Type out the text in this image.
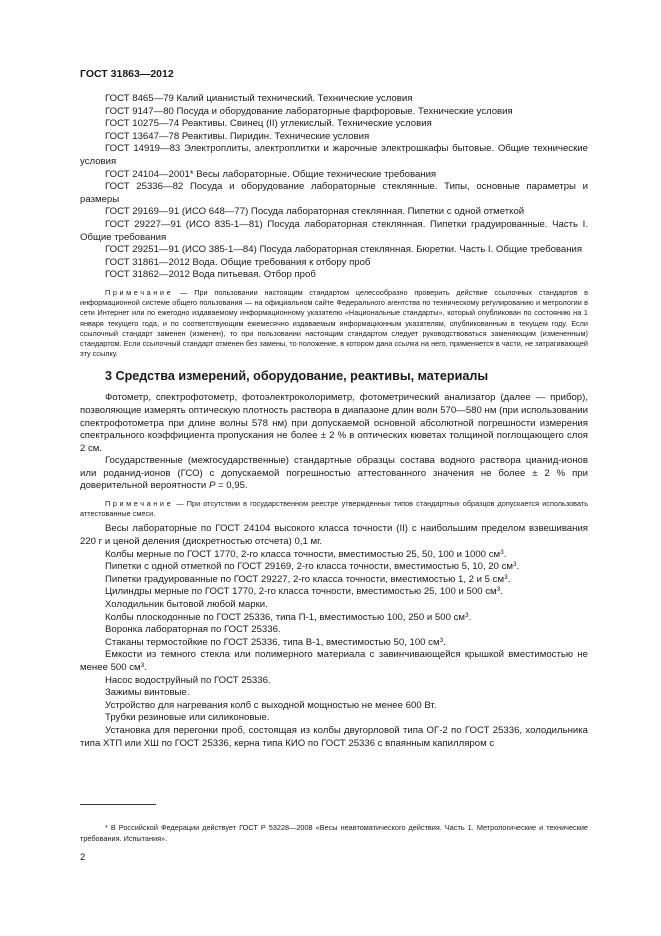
ГОСТ 31863—2012

ГОСТ 8465—79 Калий цианистый технический. Технические условия

ГОСТ 9147—80 Посуда и оборудование лабораторные фарфоровые. Технические условия

ГОСТ 10275—74 Реактивы. Свинец (II) углекислый. Технические условия

ГОСТ 13647—78 Реактивы. Пиридин. Технические условия

ГОСТ 14919—83 Электроплиты, электроплитки и жарочные электрошкафы бытовые. Общие технические условия

ГОСТ 24104—2001* Весы лабораторные. Общие технические требования

ГОСТ 25336—82 Посуда и оборудование лабораторные стеклянные. Типы, основные параметры и размеры

ГОСТ 29169—91 (ИСО 648—77) Посуда лабораторная стеклянная. Пипетки с одной отметкой

ГОСТ 29227—91 (ИСО 835-1—81) Посуда лабораторная стеклянная. Пипетки градуированные. Часть I. Общие требования

ГОСТ 29251—91 (ИСО 385-1—84) Посуда лабораторная стеклянная. Бюретки. Часть I. Общие требования

ГОСТ 31861—2012 Вода. Общие требования к отбору проб

ГОСТ 31862—2012 Вода питьевая. Отбор проб

Примечание — При пользовании настоящим стандартом целесообразно проверить действие ссылочных стандартов в информационной системе общего пользования — на официальном сайте Федерального агентства по техническому регулированию и метрологии в сети Интернет или по ежегодно издаваемому информационному указателю «Национальные стандарты», который опубликован по состоянию на 1 января текущего года, и по соответствующим ежемесячно издаваемым информационным указателям, опубликованным в текущем году. Если ссылочный стандарт заменен (изменен), то при пользовании настоящим стандартом следует руководствоваться заменяющим (измененным) стандартом. Если ссылочный стандарт отменен без замены, то положение, в котором дана ссылка на него, применяется в части, не затрагивающей эту ссылку.

3 Средства измерений, оборудование, реактивы, материалы

Фотометр, спектрофотометр, фотоэлектроколориметр, фотометрический анализатор (далее — прибор), позволяющие измерять оптическую плотность раствора в диапазоне длин волн 570—580 нм (при использовании спектрофотометра при длине волны 578 нм) при допускаемой основной абсолютной погрешности измерения спектрального коэффициента пропускания не более ± 2 % в оптических кюветах толщиной поглощающего слоя 2 см.

Государственные (межгосударственные) стандартные образцы состава водного раствора цианид-ионов или роданид-ионов (ГСО) с допускаемой погрешностью аттестованного значения не более ± 2 % при доверительной вероятности P = 0,95.

Примечание — При отсутствии в государственном реестре утвержденных типов стандартных образцов допускается использовать аттестованные смеси.

Весы лабораторные по ГОСТ 24104 высокого класса точности (II) с наибольшим пределом взвешивания 220 г и ценой деления (дискретностью отсчета) 0,1 мг.

Колбы мерные по ГОСТ 1770, 2-го класса точности, вместимостью 25, 50, 100 и 1000 $см^3$.

Пипетки с одной отметкой по ГОСТ 29169, 2-го класса точности, вместимостью 5, 10, 20 $см^3$.

Пипетки градуированные по ГОСТ 29227, 2-го класса точности, вместимостью 1, 2 и 5 $см^3$.

Цилиндры мерные по ГОСТ 1770, 2-го класса точности, вместимостью 25, 100 и 500 $см^3$.

Холодильник бытовой любой марки.

Колбы плоскодонные по ГОСТ 25336, типа П-1, вместимостью 100, 250 и 500 $см^3$.

Воронка лабораторная по ГОСТ 25336.

Стаканы термостойкие по ГОСТ 25336, типа В-1, вместимостью 50, 100 $см^3$.

Емкости из темного стекла или полимерного материала с завинчивающейся крышкой вместимостью не менее 500 $см^3$.

Насос водоструйный по ГОСТ 25336.

Зажимы винтовые.

Устройство для нагревания колб с выходной мощностью не менее 600 Вт.

Трубки резиновые или силиконовые.

Установка для перегонки проб, состоящая из колбы двугорловой типа ОГ-2 по ГОСТ 25336, холодильника типа ХТП или ХШ по ГОСТ 25336, керна типа КИО по ГОСТ 25336 с впаянным капилляром с

* В Российской Федерации действует ГОСТ Р 53228—2008 «Весы неавтоматического действия. Часть 1. Метрологические и технические требования. Испытания».

2
